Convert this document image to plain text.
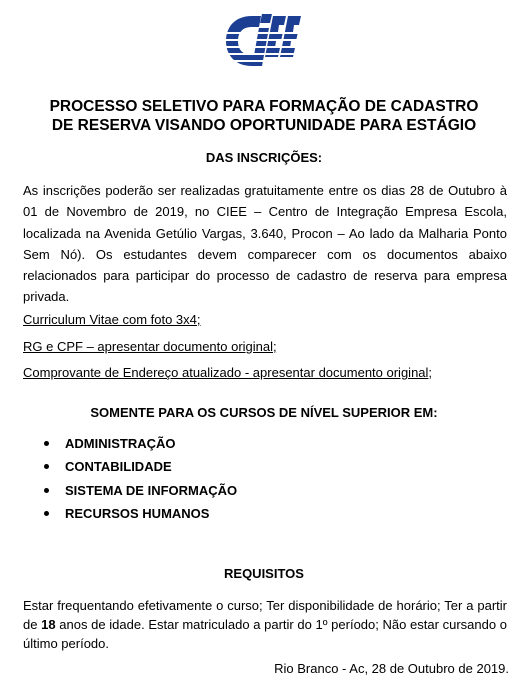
PROCESSO SELETIVO PARA FORMAÇÃO DE CADASTRO
DE RESERVA VISANDO OPORTUNIDADE PARA ESTÁGIO
DAS INSCRIÇÕES:
As inscrições poderão ser realizadas gratuitamente entre os dias 28 de Outubro à 01 de Novembro de 2019, no CIEE – Centro de Integração Empresa Escola, localizada na Avenida Getúlio Vargas, 3.640, Procon – Ao lado da Malharia Ponto Sem Nó). Os estudantes devem comparecer com os documentos abaixo relacionados para participar do processo de cadastro de reserva para empresa privada.
Curriculum Vitae com foto 3x4;
RG e CPF – apresentar documento original;
Comprovante de Endereço atualizado - apresentar documento original;
SOMENTE PARA OS CURSOS DE NÍVEL SUPERIOR EM:
ADMINISTRAÇÃO
CONTABILIDADE
SISTEMA DE INFORMAÇÃO
RECURSOS HUMANOS
REQUISITOS
Estar frequentando efetivamente o curso; Ter disponibilidade de horário; Ter a partir de 18 anos de idade. Estar matriculado a partir do 1º período; Não estar cursando o último período.
Rio Branco - Ac, 28 de Outubro de 2019.
